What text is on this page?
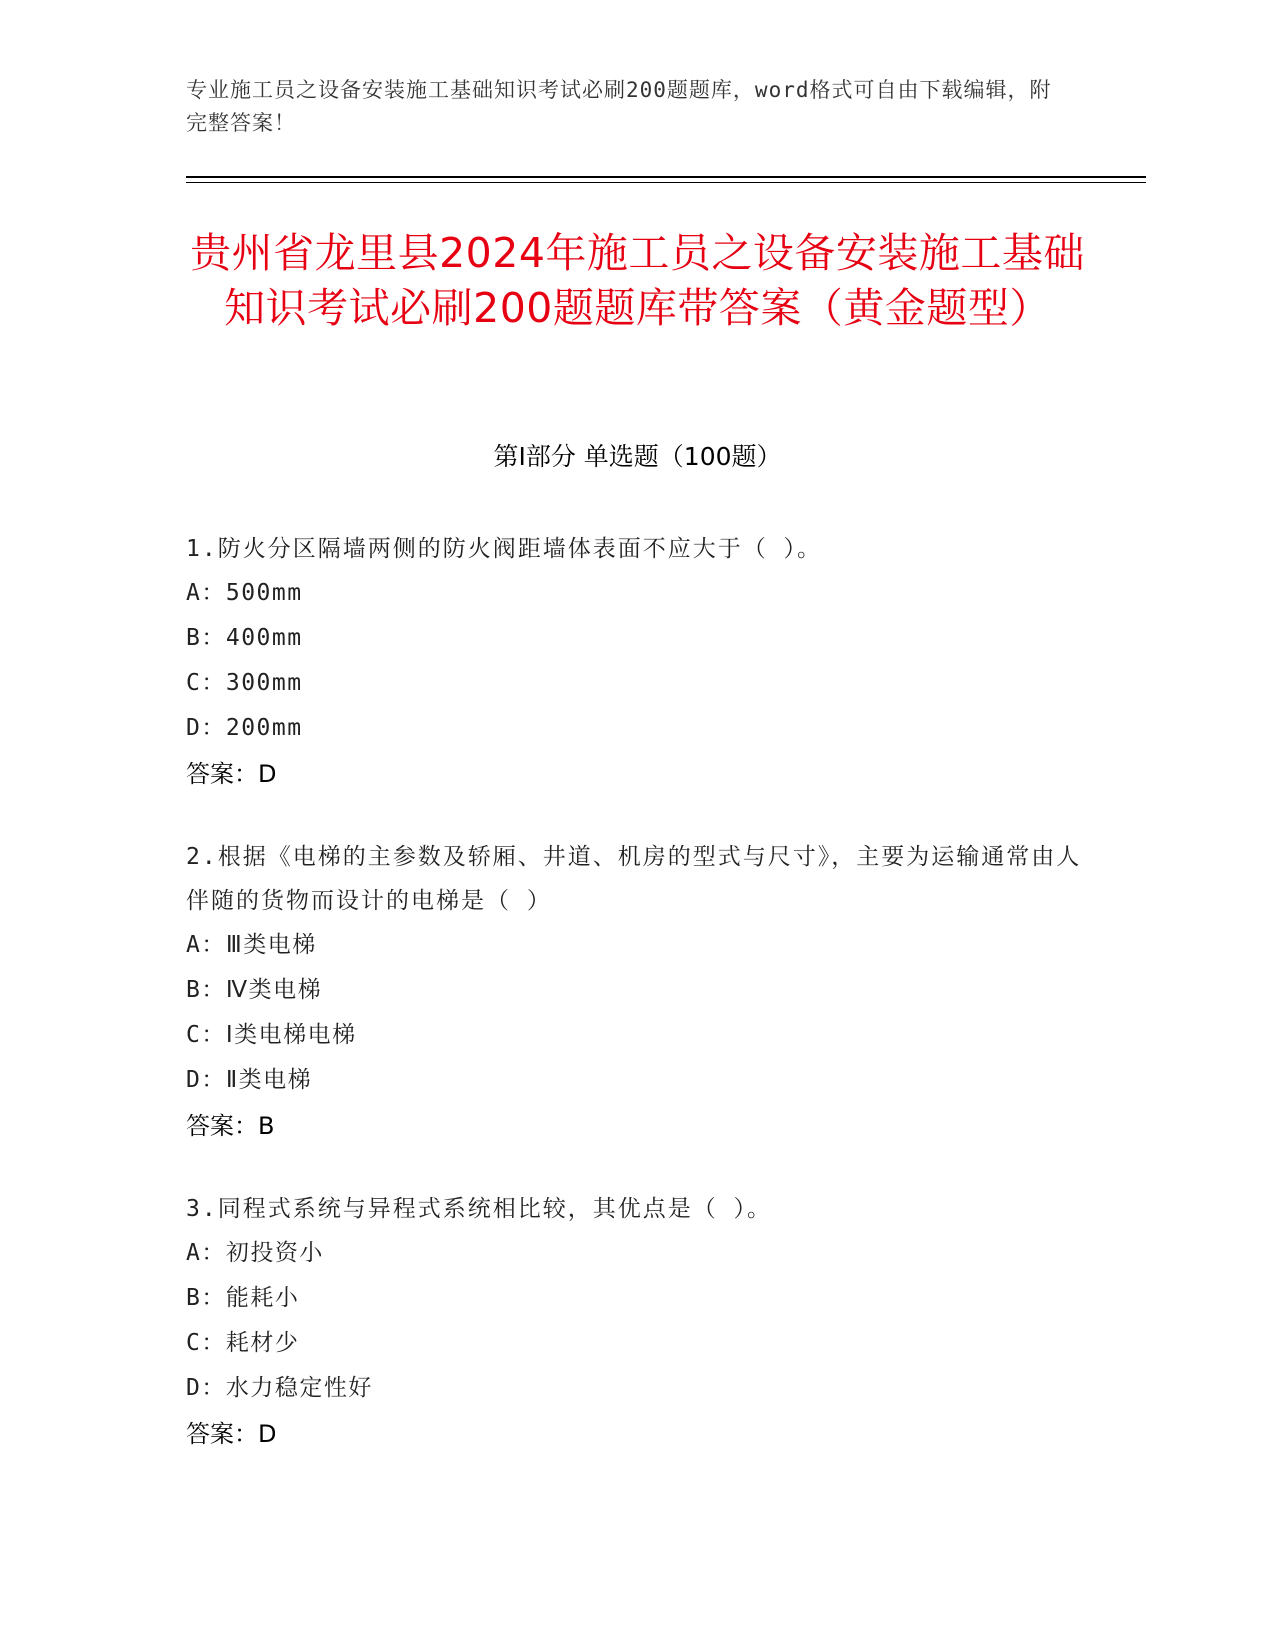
专业施工员之设备安装施工基础知识考试必刷200题题库，word格式可自由下载编辑，附完整答案！
贵州省龙里县2024年施工员之设备安装施工基础知识考试必刷200题题库带答案（黄金题型）
第I部分 单选题（100题）

1.防火分区隔墙两侧的防火阀距墙体表面不应大于（ ）。

A：500mm

B：400mm

C：300mm

D：200mm

答案：D

2.根据《电梯的主参数及轿厢、井道、机房的型式与尺寸》，主要为运输通常由人伴随的货物而设计的电梯是（ ）

A：Ⅲ类电梯

B：Ⅳ类电梯

C：Ⅰ类电梯电梯

D：Ⅱ类电梯

答案：B

3.同程式系统与异程式系统相比较，其优点是（ ）。

A：初投资小

B：能耗小

C：耗材少

D：水力稳定性好

答案：D
